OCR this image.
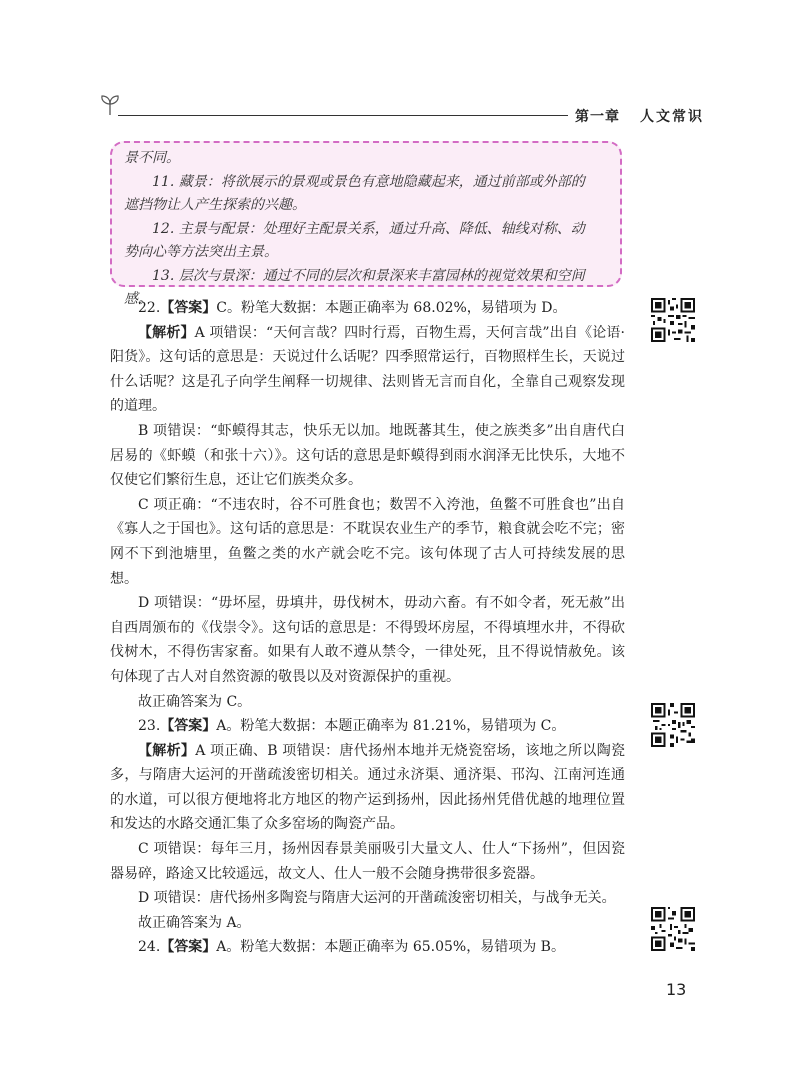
第一章 人文常识

景不同。

11. 藏景：将欲展示的景观或景色有意地隐藏起来，通过前部或外部的

遮挡物让人产生探索的兴趣。

12. 主景与配景：处理好主配景关系，通过升高、降低、轴线对称、动

势向心等方法突出主景。

13. 层次与景深：通过不同的层次和景深来丰富园林的视觉效果和空间感。

22.【答案】C。粉笔大数据：本题正确率为 68.02%，易错项为 D。

【解析】A 项错误：“天何言哉？四时行焉，百物生焉，天何言哉”出自《论语·阳货》。这句话的意思是：天说过什么话呢？四季照常运行，百物照样生长，天说过什么话呢？这是孔子向学生阐释一切规律、法则皆无言而自化，全靠自己观察发现的道理。

B 项错误：“虾蟆得其志，快乐无以加。地既蕃其生，使之族类多”出自唐代白居易的《虾蟆（和张十六）》。这句话的意思是虾蟆得到雨水润泽无比快乐，大地不仅使它们繁衍生息，还让它们族类众多。

C 项正确：“不违农时，谷不可胜食也；数罟不入洿池，鱼鳖不可胜食也”出自《寡人之于国也》。这句话的意思是：不耽误农业生产的季节，粮食就会吃不完；密网不下到池塘里，鱼鳖之类的水产就会吃不完。该句体现了古人可持续发展的思想。

D 项错误：“毋坏屋，毋填井，毋伐树木，毋动六畜。有不如令者，死无赦”出自西周颁布的《伐崇令》。这句话的意思是：不得毁坏房屋，不得填埋水井，不得砍伐树木，不得伤害家畜。如果有人敢不遵从禁令，一律处死，且不得说情赦免。该句体现了古人对自然资源的敬畏以及对资源保护的重视。

故正确答案为 C。

23.【答案】A。粉笔大数据：本题正确率为 81.21%，易错项为 C。

【解析】A 项正确、B 项错误：唐代扬州本地并无烧瓷窑场，该地之所以陶瓷多，与隋唐大运河的开凿疏浚密切相关。通过永济渠、通济渠、邗沟、江南河连通的水道，可以很方便地将北方地区的物产运到扬州，因此扬州凭借优越的地理位置和发达的水路交通汇集了众多窑场的陶瓷产品。

C 项错误：每年三月，扬州因春景美丽吸引大量文人、仕人“下扬州”，但因瓷器易碎，路途又比较遥远，故文人、仕人一般不会随身携带很多瓷器。

D 项错误：唐代扬州多陶瓷与隋唐大运河的开凿疏浚密切相关，与战争无关。

故正确答案为 A。

24.【答案】A。粉笔大数据：本题正确率为 65.05%，易错项为 B。

13
